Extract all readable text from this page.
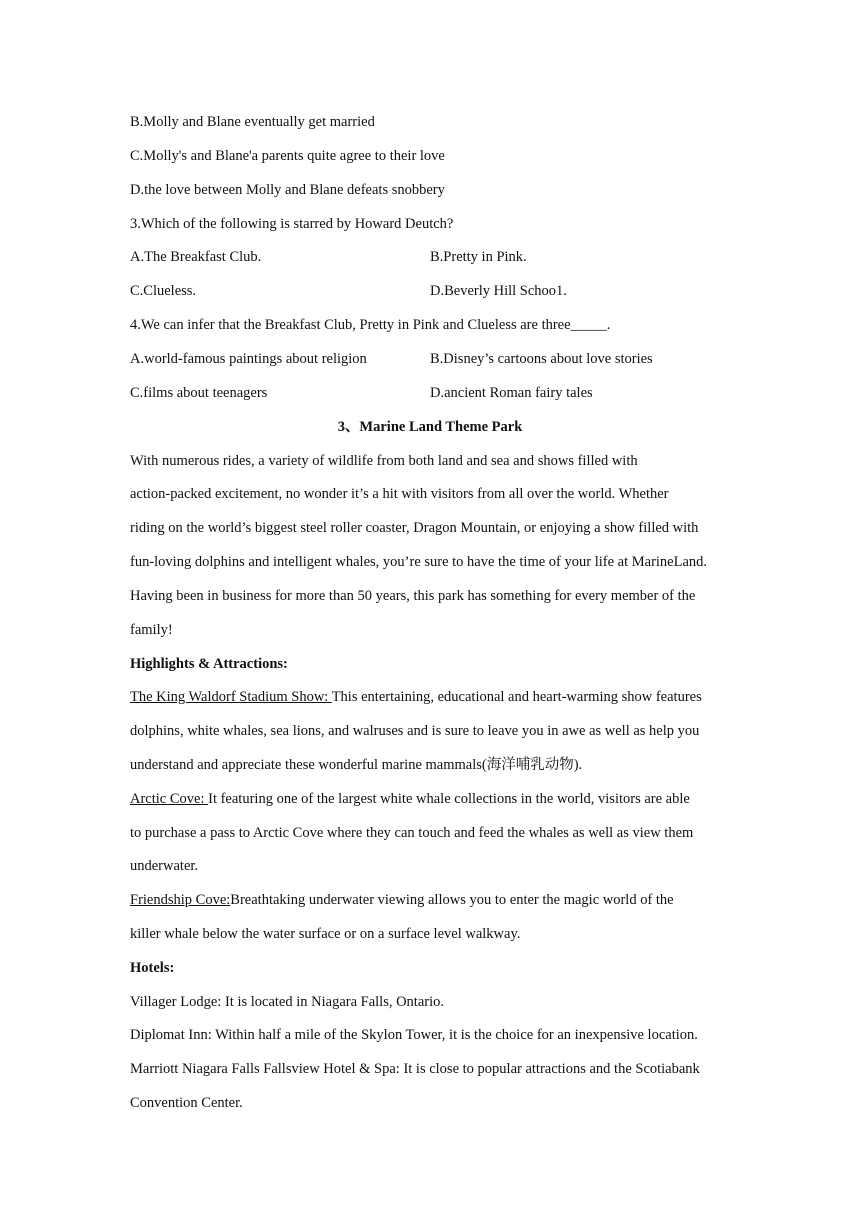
B.Molly and Blane eventually get married
C.Molly's and Blane'a parents quite agree to their love
D.the love between Molly and Blane defeats snobbery
3.Which of the following is starred by Howard Deutch?
A.The Breakfast Club.	B.Pretty in Pink.
C.Clueless.	D.Beverly Hill Schoo1.
4.We can infer that the Breakfast Club, Pretty in Pink and Clueless are three_____.
A.world-famous paintings about religion	B.Disney’s cartoons about love stories
C.films about teenagers	D.ancient Roman fairy tales
3、Marine Land Theme Park
With numerous rides, a variety of wildlife from both land and sea and shows filled with
action-packed excitement, no wonder it’s a hit with visitors from all over the world. Whether
riding on the world’s biggest steel roller coaster, Dragon Mountain, or enjoying a show filled with
fun-loving dolphins and intelligent whales, you’re sure to have the time of your life at MarineLand.
Having been in business for more than 50 years, this park has something for every member of the
family!
Highlights & Attractions:
The King Waldorf Stadium Show: This entertaining, educational and heart-warming show features
dolphins, white whales, sea lions, and walruses and is sure to leave you in awe as well as help you
understand and appreciate these wonderful marine mammals(海洋哺乳动物).
Arctic Cove: It featuring one of the largest white whale collections in the world, visitors are able
to purchase a pass to Arctic Cove where they can touch and feed the whales as well as view them
underwater.
Friendship Cove:Breathtaking underwater viewing allows you to enter the magic world of the
killer whale below the water surface or on a surface level walkway.
Hotels:
Villager Lodge: It is located in Niagara Falls, Ontario.
Diplomat Inn: Within half a mile of the Skylon Tower, it is the choice for an inexpensive location.
Marriott Niagara Falls Fallsview Hotel & Spa: It is close to popular attractions and the Scotiabank
Convention Center.
